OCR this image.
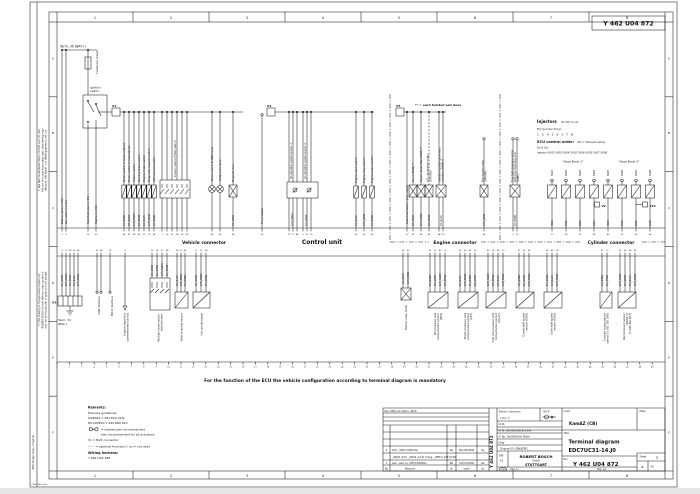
1
1
2
2
3
3
4
4
5
5
6
6
7
7
8
8
A	A
B	B
C	C
D	D
E	E
F	F
1	2	3	4	5	6	7	8	9	10	11	12	13	14	15	16	17	18	19	20	21	22	23	24	25	26	27	28	29	30	31	32	33	34	35	36	37	38	39	40	41	42	43	44	45	46	47	48	49
Battery plus (cl.30) Key switch (cl.15)	Switched plus (cl.15) Starter (cl.50)	Front digital	Switched battery plus output
Brake switch 1 (main switch)
0,5_BRWS
Brake switch 2 (redundant)
0,5_GNRD
Clutch switch
0,75_SWGN
Parking brake switch
0,5_GEWS
Engine brake switch
0,5_BLGN
Diagnosis request switch
0,75_BRRD
A/C request switch
0,5_BRWS
Cruise control (FGR) switch	Glow control & OBD lamp Diagnostic lamp	Magnetic fan
0,5_GNRD
Accelerator pedal sensor 1	Accelerator pedal sensor 2
0,75_SWGN	0,5_GEWS
Engine start switch
0,5_BLGN
Engine stop switch
0,75_BRRD
Engine brake switch
0,5_BRWS
Fan 1 (PWM) **
0,5_GNRD
Engine brake flap (PWM) **
0,75_SWGN
A/C compressor relay (24V/4A)
0,5_GEWS
Variable turbine geometry actuator (PWM) **
0,5_BLGN
Fuel heater relay (24V/4A)
0,75_BRRD
Fuel high pressure pump with fuel metering unit (ZME)
0,5_BRWS
SV01
SV01
SV02
SV02
SV03
SV03
SV04
SV04
SV05
SV05
SV06
SV06
SV07
SV07
SV08
SV08
0,5_GNRD 0,75_SWGN 0,5_GEWS 0,5_BLGN 0,75_BRRD
CAN interface	ISO-K interface
Engine speed for speedometer (tacho)
0,5_BRWS 0,5_GNRD 0,75_SWGN 0,5_GEWS
Multiple state switch (hand brake)
0,5_BLGN 0,75_BRRD 0,5_BRWS
Vehicle speed sensor
0,5_GNRD 0,75_SWGN 0,5_GEWS
Car speed signal
0,5_BLGN 0,75_BRRD
Starter relay (24V)
0,5_BRWS 0,5_GNRD 0,75_SWGN 0,5_GEWS
Oil pressure and temperature sensor (KPT)
0,5_BLGN 0,75_BRRD 0,5_BRWS 0,5_GNRD
Boost pressure and temperature sensor (LPT)
0,75_SWGN 0,5_GEWS 0,5_BLGN 0,75_BRRD
Fuel low pressure and temperature sensor (DS-LF)
0,5_BRWS 0,5_GNRD 0,75_SWGN
Crankshaft speed sensor (DG6)
0,5_GEWS 0,5_BLGN 0,75_BRRD
Camshaft speed sensor (DG6)
0,5_BRWS 0,5_GNRD
Coolant temperature sensor (Y 265 I30 206)
0,75_SWGN 0,5_GEWS 0,5_BLGN 0,75_BRRD
Rail pressure sensor (RDS4.2) (Y 265 I00 607)
2	9	16	23	30	37
44	51	58	65	72	79	86	7	14	21	28	35	42	49	56	63	70 77 84	5 12 19	26	33	40	47	54	61	68 75	82	3 10	17	24	31	38	45	52	59	66
2 13 24 35 46	57 68	79	4	15	26	37	48	59 70 81	6	17	28	39	50	61	72	83	8	19	30	41	52	63	74	85	10	21	32	43	54	65	76	87	12	23	34	45	56
Y 462 U04 872
© Alle Rechte bei Robert Bosch GmbH, auch für den Fall von Schutzrechtsanmeldungen. Jede Verfügungs- befugnis, wie Kopier- und Weitergaberecht, bei uns.
© This drawing is the exclusive property of ROBERT BOSCH GmbH. Without their consent it may not be reproduced or given to third parties.
After foreign langu. drawings
CHee Dw (sca)
Term. 30 (BAT+)
Customers charge
Ignition
switch
Term. 31
(BAT-)
V1	V4	V5
V9	V10
V3
Vehicle connector	Control unit	Engine connector	Cylinder connector
** = each twisted pair lines
For the function of the ECU the vehicle configuration according to terminal diagram is mandatory
Injectors (8 V45 xx xx)
Firing order 8 Cyl:
1 5 4 2 6 3 7 8
ECU control order: (SV = Solenoid valve)
for 8 Cyl.:
Injector SV01 SV05 SV04 SV02 SV06 SV03 SV07 SV08
"High Bank 1"	"High Bank 2"
Remarks:
Harness guidelines
K9/ESK2 Y 281 E22 013L
DS-CN/ESA Y 449 R80 813
= twisted pair recommended
also recommended for all actuators
Vx = Butt connector
------ = optional functions / nu = not used
Wiring harness:
Y 462 U02 388
Rev. DWG not extern. dist'd/
2 Add. _WP4 (CH6/CAS)	Re Dec/06/2006	Ry
_WSK3 (0.9), _WSK2 (14.0) chang. _IMM to 148 (0.99)
1 Gen.: part.no. (IPO/CAS/PRG)	Be	Oct/31/2006	Re
No	Revision	dr.	valid	ch.
Y 462 U04 872
Part tol. dimension	ISO E
s mm, d
Dr.St.
A/ St. Dec/08/2006 Brunner
A/ Dp. Dec/08/2006 Distel
Orig/
Original 05-GEN/EDB1
DIN
A2
ROBERT BOSCH
GmbH
STUTTGART
CAD Pag. 1/
Cust./
KamAZ (CB)
Mass
Title/
Terminal diagram
EDC7UC31-14.J0
No./
Y 462 U04 872
Sheet	1
C	Of/
Rep. by/
